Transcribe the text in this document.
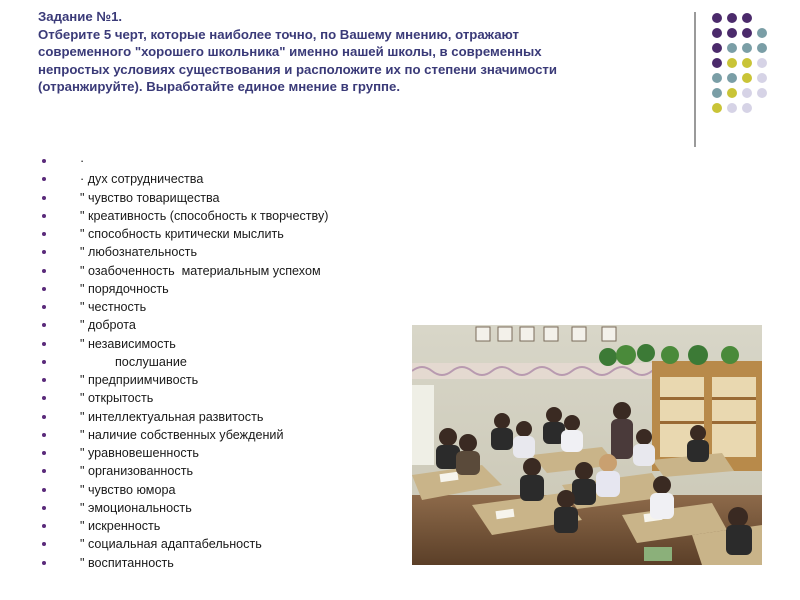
Задание №1.
Отберите 5 черт, которые наиболее точно, по Вашему мнению, отражают
современного "хорошего школьника" именно нашей школы, в современных
непростых условиях существования и расположите их по степени значимости
(отранжируйте). Выработайте единое мнение в группе.
·
· дух сотрудничества
" чувство товарищества
" креативность (способность к творчеству)
" способность критически мыслить
" любознательность
" озабоченность  материальным успехом
" порядочность
" честность
" доброта
" независимость
послушание
" предприимчивость
" открытость
" интеллектуальная развитость
" наличие собственных убеждений
" уравновешенность
" организованность
" чувство юмора
" эмоциональность
" искренность
" социальная адаптабельность
" воспитанность
